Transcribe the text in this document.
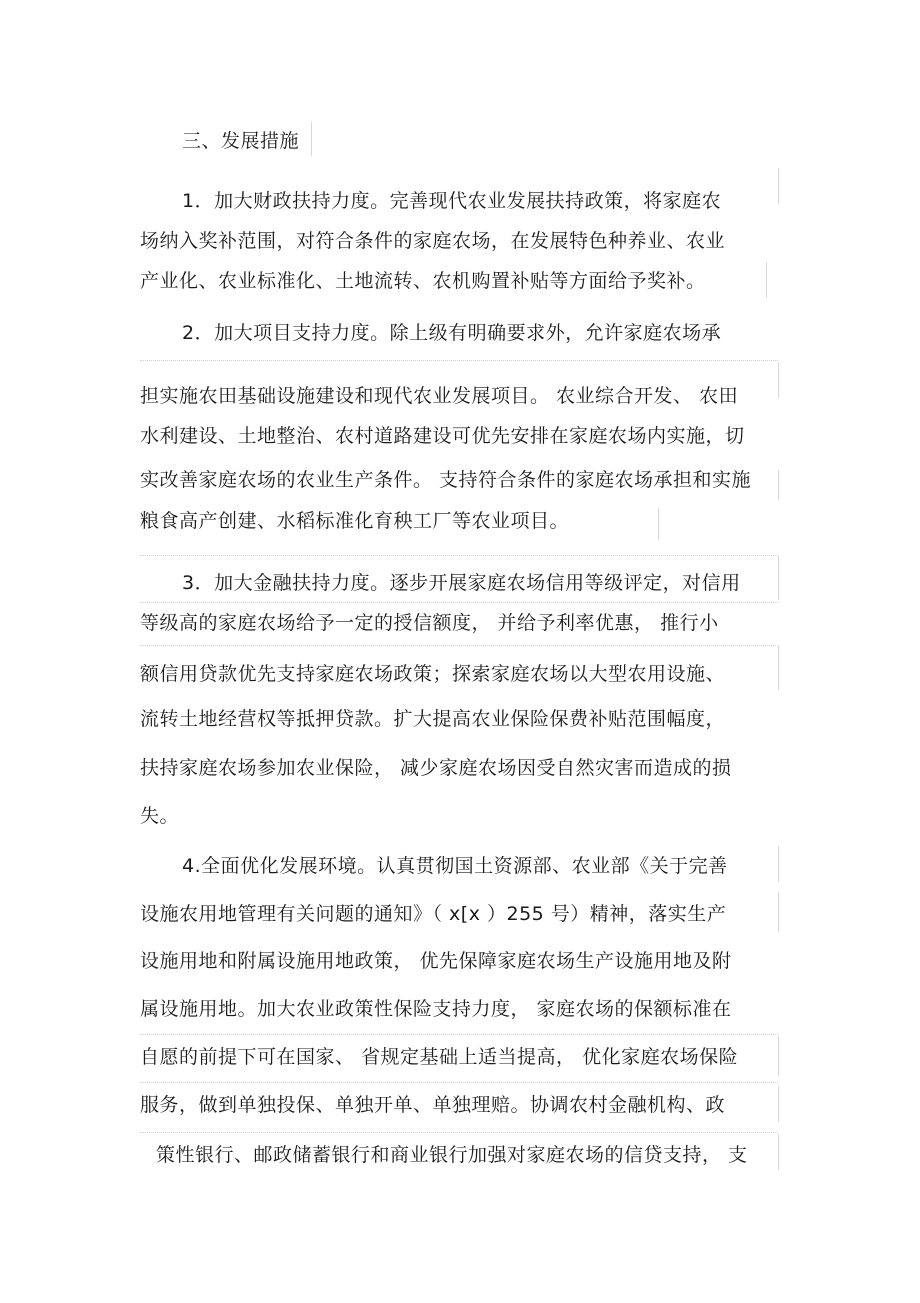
三、发展措施
1．加大财政扶持力度。完善现代农业发展扶持政策，将家庭农
场纳入奖补范围，对符合条件的家庭农场，在发展特色种养业、农业
产业化、农业标准化、土地流转、农机购置补贴等方面给予奖补。
2．加大项目支持力度。除上级有明确要求外，允许家庭农场承
担实施农田基础设施建设和现代农业发展项目。 农业综合开发、 农田
水利建设、土地整治、农村道路建设可优先安排在家庭农场内实施，切
实改善家庭农场的农业生产条件。 支持符合条件的家庭农场承担和实施
粮食高产创建、水稻标准化育秧工厂等农业项目。
3．加大金融扶持力度。逐步开展家庭农场信用等级评定，对信用
等级高的家庭农场给予一定的授信额度， 并给予利率优惠， 推行小
额信用贷款优先支持家庭农场政策；探索家庭农场以大型农用设施、
流转土地经营权等抵押贷款。扩大提高农业保险保费补贴范围幅度，
扶持家庭农场参加农业保险， 减少家庭农场因受自然灾害而造成的损
失。
4.全面优化发展环境。认真贯彻国土资源部、农业部《关于完善
设施农用地管理有关问题的通知》（ x[x ）255 号）精神，落实生产
设施用地和附属设施用地政策， 优先保障家庭农场生产设施用地及附
属设施用地。加大农业政策性保险支持力度， 家庭农场的保额标准在
自愿的前提下可在国家、 省规定基础上适当提高， 优化家庭农场保险
服务，做到单独投保、单独开单、单独理赔。协调农村金融机构、政
策性银行、邮政储蓄银行和商业银行加强对家庭农场的信贷支持， 支
